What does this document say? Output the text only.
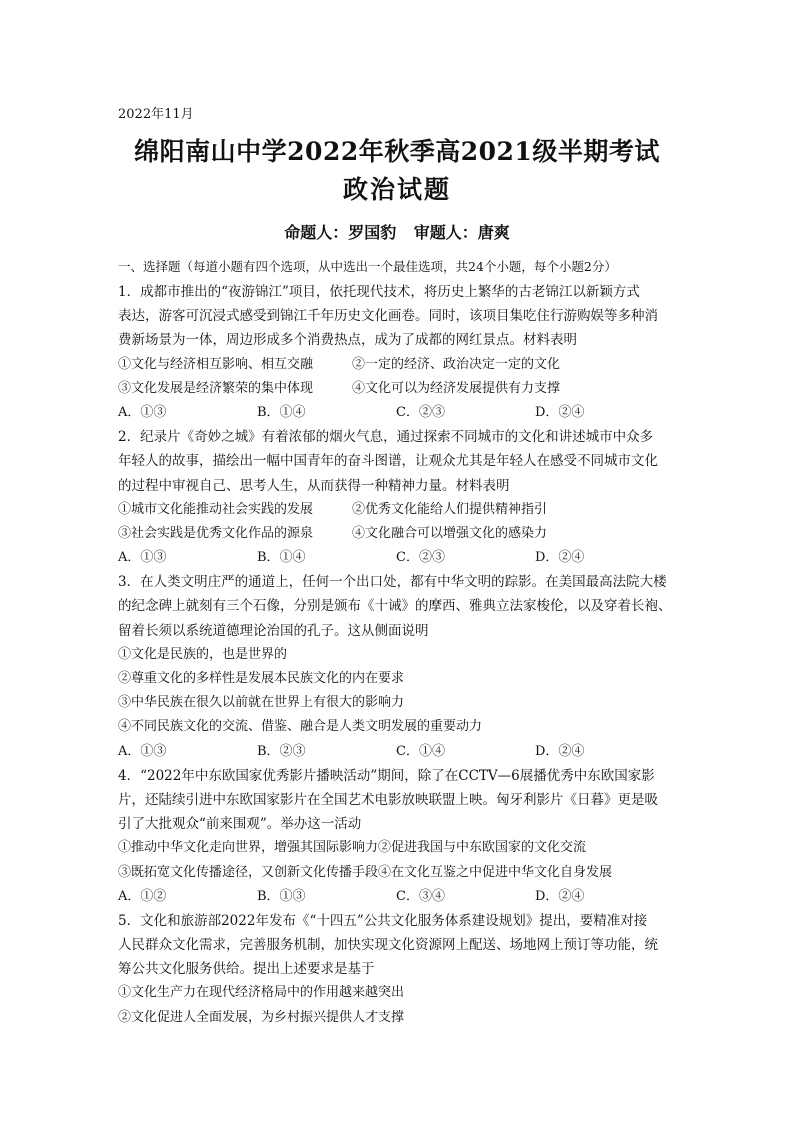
2022年11月
绵阳南山中学2022年秋季高2021级半期考试
政治试题
命题人：罗国豹 审题人：唐爽
一、选择题（每道小题有四个选项，从中选出一个最佳选项，共24个小题，每个小题2分）
1．成都市推出的“夜游锦江”项目，依托现代技术，将历史上繁华的古老锦江以新颖方式
表达，游客可沉浸式感受到锦江千年历史文化画卷。同时，该项目集吃住行游购娱等多种消
费新场景为一体，周边形成多个消费热点，成为了成都的网红景点。材料表明
①文化与经济相互影响、相互交融	②一定的经济、政治决定一定的文化
③文化发展是经济繁荣的集中体现	④文化可以为经济发展提供有力支撑
A．①③	B．①④	C．②③	D．②④
2．纪录片《奇妙之城》有着浓郁的烟火气息，通过探索不同城市的文化和讲述城市中众多
年轻人的故事，描绘出一幅中国青年的奋斗图谱，让观众尤其是年轻人在感受不同城市文化
的过程中审视自己、思考人生，从而获得一种精神力量。材料表明
①城市文化能推动社会实践的发展	②优秀文化能给人们提供精神指引
③社会实践是优秀文化作品的源泉	④文化融合可以增强文化的感染力
A．①③	B．①④	C．②③	D．②④
3．在人类文明庄严的通道上，任何一个出口处，都有中华文明的踪影。在美国最高法院大楼
的纪念碑上就刻有三个石像，分别是颁布《十诫》的摩西、雅典立法家梭伦，以及穿着长袍、
留着长须以系统道德理论治国的孔子。这从侧面说明
①文化是民族的，也是世界的
②尊重文化的多样性是发展本民族文化的内在要求
③中华民族在很久以前就在世界上有很大的影响力
④不同民族文化的交流、借鉴、融合是人类文明发展的重要动力
A．①③	B．②③	C．①④	D．②④
4．“2022年中东欧国家优秀影片播映活动”期间，除了在CCTV—6展播优秀中东欧国家影
片，还陆续引进中东欧国家影片在全国艺术电影放映联盟上映。匈牙利影片《日暮》更是吸
引了大批观众“前来围观”。举办这一活动
①推动中华文化走向世界，增强其国际影响力②促进我国与中东欧国家的文化交流
③既拓宽文化传播途径，又创新文化传播手段④在文化互鉴之中促进中华文化自身发展
A．①②	B．①③	C．③④	D．②④
5．文化和旅游部2022年发布《“十四五”公共文化服务体系建设规划》提出，要精准对接
人民群众文化需求，完善服务机制，加快实现文化资源网上配送、场地网上预订等功能，统
筹公共文化服务供给。提出上述要求是基于
①文化生产力在现代经济格局中的作用越来越突出
②文化促进人全面发展，为乡村振兴提供人才支撑
